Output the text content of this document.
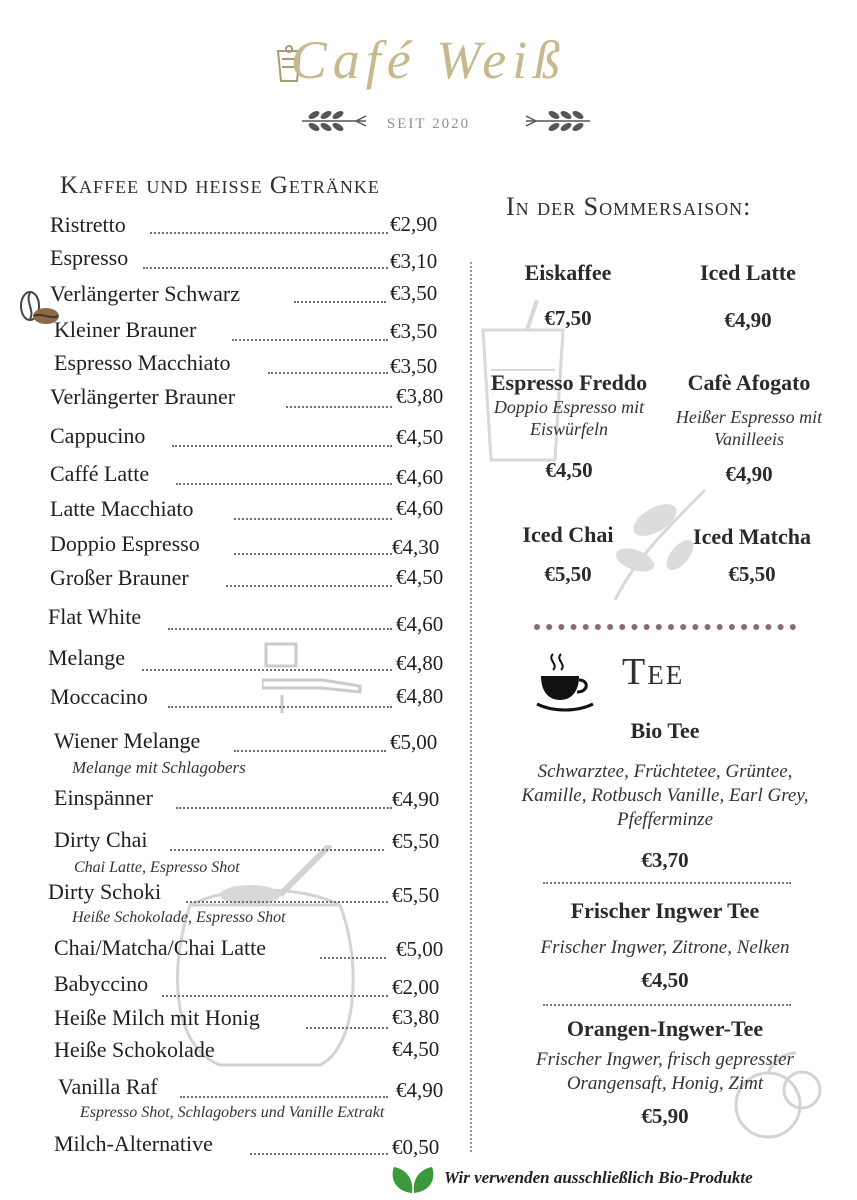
Café Weiß
SEIT 2020
Kaffee und heisse Getränke
Ristretto	€2,90
Espresso	€3,10
Verlängerter Schwarz	€3,50
Kleiner Brauner	€3,50
Espresso Macchiato	€3,50
Verlängerter Brauner	€3,80
Cappucino	€4,50
Caffé Latte	€4,60
Latte Macchiato	€4,60
Doppio Espresso	€4,30
Großer Brauner	€4,50
Flat White	€4,60
Melange	€4,80
Moccacino	€4,80
Wiener Melange	€5,00
Melange mit Schlagobers
Einspänner	€4,90
Dirty Chai	€5,50
Chai Latte, Espresso Shot
Dirty Schoki	€5,50
Heiße Schokolade, Espresso Shot
Chai/Matcha/Chai Latte	€5,00
Babyccino	€2,00
Heiße Milch mit Honig	€3,80
Heiße Schokolade	€4,50
Vanilla Raf	€4,90
Espresso Shot, Schlagobers und Vanille Extrakt
Milch-Alternative	€0,50
In der Sommersaison:
Eiskaffee
€7,50
Iced Latte
€4,90
Espresso Freddo
Doppio Espresso mit Eiswürfeln
€4,50
Cafè Afogato
Heißer Espresso mit Vanilleeis
€4,90
Iced Chai
€5,50
Iced Matcha
€5,50
Tee
Bio Tee
Schwarztee, Früchtetee, Grüntee, Kamille, Rotbusch Vanille, Earl Grey, Pfefferminze
€3,70
Frischer Ingwer Tee
Frischer Ingwer, Zitrone, Nelken
€4,50
Orangen-Ingwer-Tee
Frischer Ingwer, frisch gepresster Orangensaft, Honig, Zimt
€5,90
Wir verwenden ausschließlich Bio-Produkte
